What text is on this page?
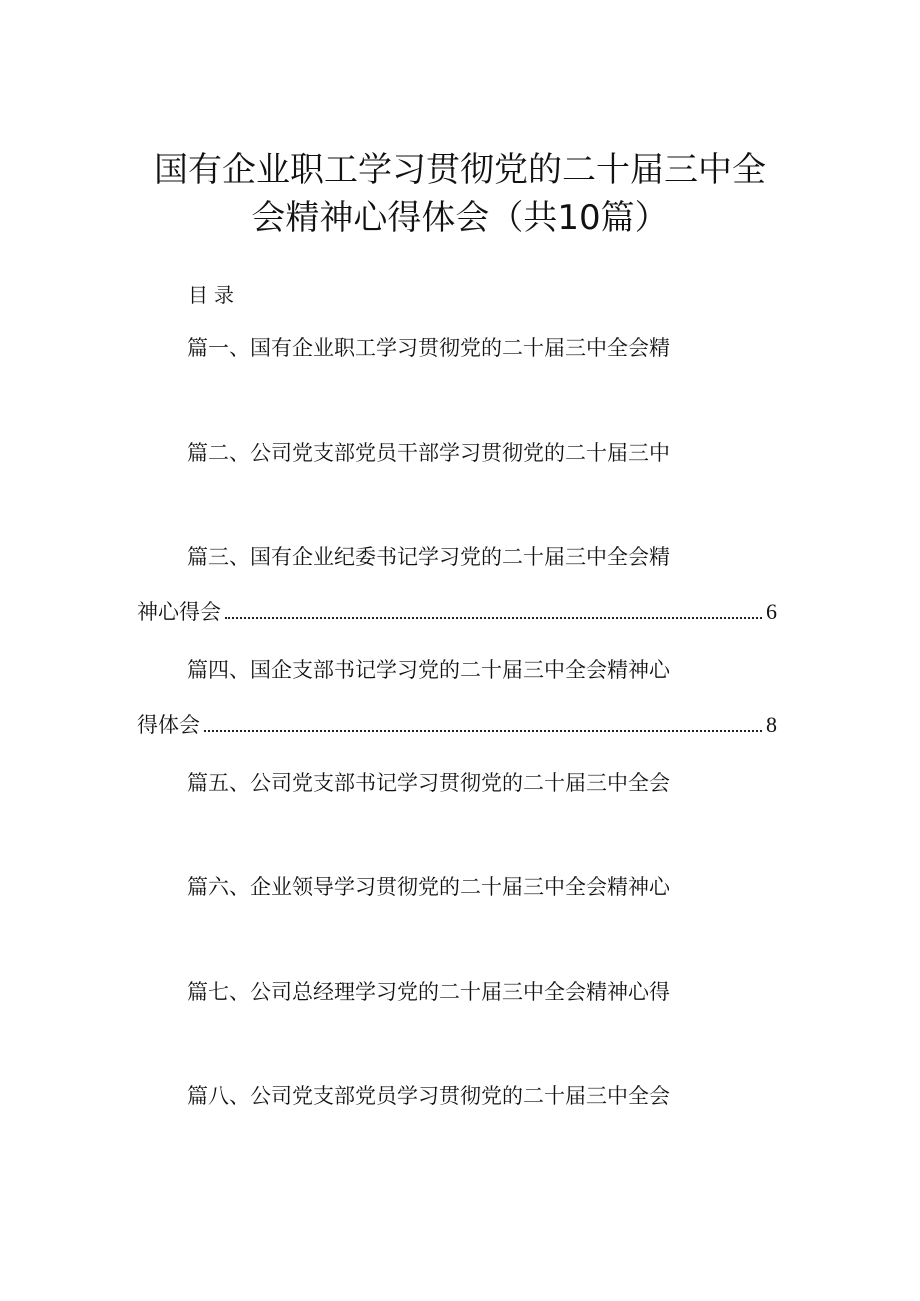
国有企业职工学习贯彻党的二十届三中全
会精神心得体会（共10篇）
目录
篇一、国有企业职工学习贯彻党的二十届三中全会精
篇二、公司党支部党员干部学习贯彻党的二十届三中
篇三、国有企业纪委书记学习党的二十届三中全会精
神心得会	6
篇四、国企支部书记学习党的二十届三中全会精神心
得体会	8
篇五、公司党支部书记学习贯彻党的二十届三中全会
篇六、企业领导学习贯彻党的二十届三中全会精神心
篇七、公司总经理学习党的二十届三中全会精神心得
篇八、公司党支部党员学习贯彻党的二十届三中全会
